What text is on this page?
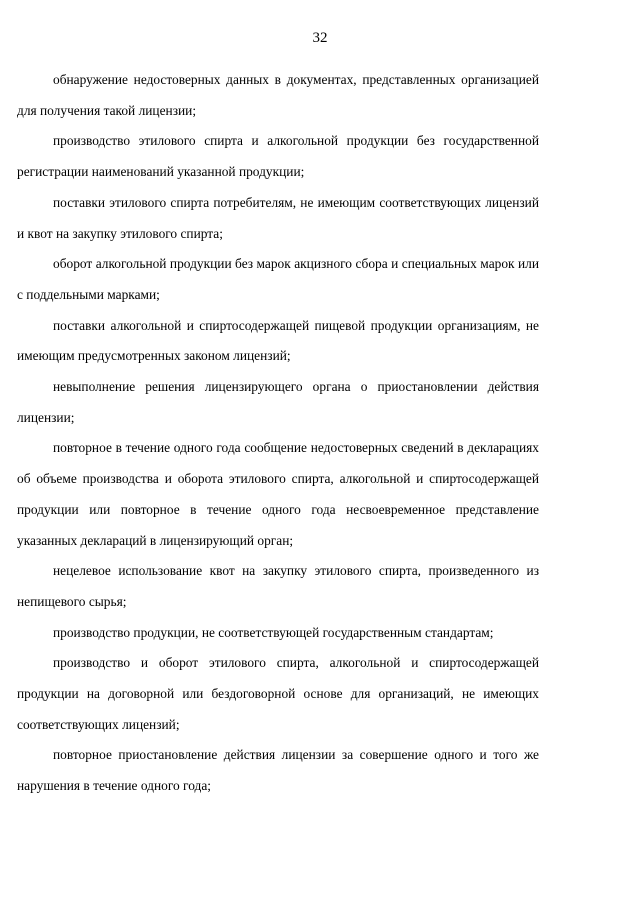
32

обнаружение недостоверных данных в документах, представленных организацией для получения такой лицензии;

производство этилового спирта и алкогольной продукции без государственной регистрации наименований указанной продукции;

поставки этилового спирта потребителям, не имеющим соответствующих лицензий и квот на закупку этилового спирта;

оборот алкогольной продукции без марок акцизного сбора и специальных марок или с поддельными марками;

поставки алкогольной и спиртосодержащей пищевой продукции организациям, не имеющим предусмотренных законом лицензий;

невыполнение решения лицензирующего органа о приостановлении действия лицензии;

повторное в течение одного года сообщение недостоверных сведений в декларациях об объеме производства и оборота этилового спирта, алкогольной и спиртосодержащей продукции или повторное в течение одного года несвоевременное представление указанных деклараций в лицензирующий орган;

нецелевое использование квот на закупку этилового спирта, произведенного из непищевого сырья;

производство продукции, не соответствующей государственным стандартам;

производство и оборот этилового спирта, алкогольной и спиртосодержащей продукции на договорной или бездоговорной основе для организаций, не имеющих соответствующих лицензий;

повторное приостановление действия лицензии за совершение одного и того же нарушения в течение одного года;
